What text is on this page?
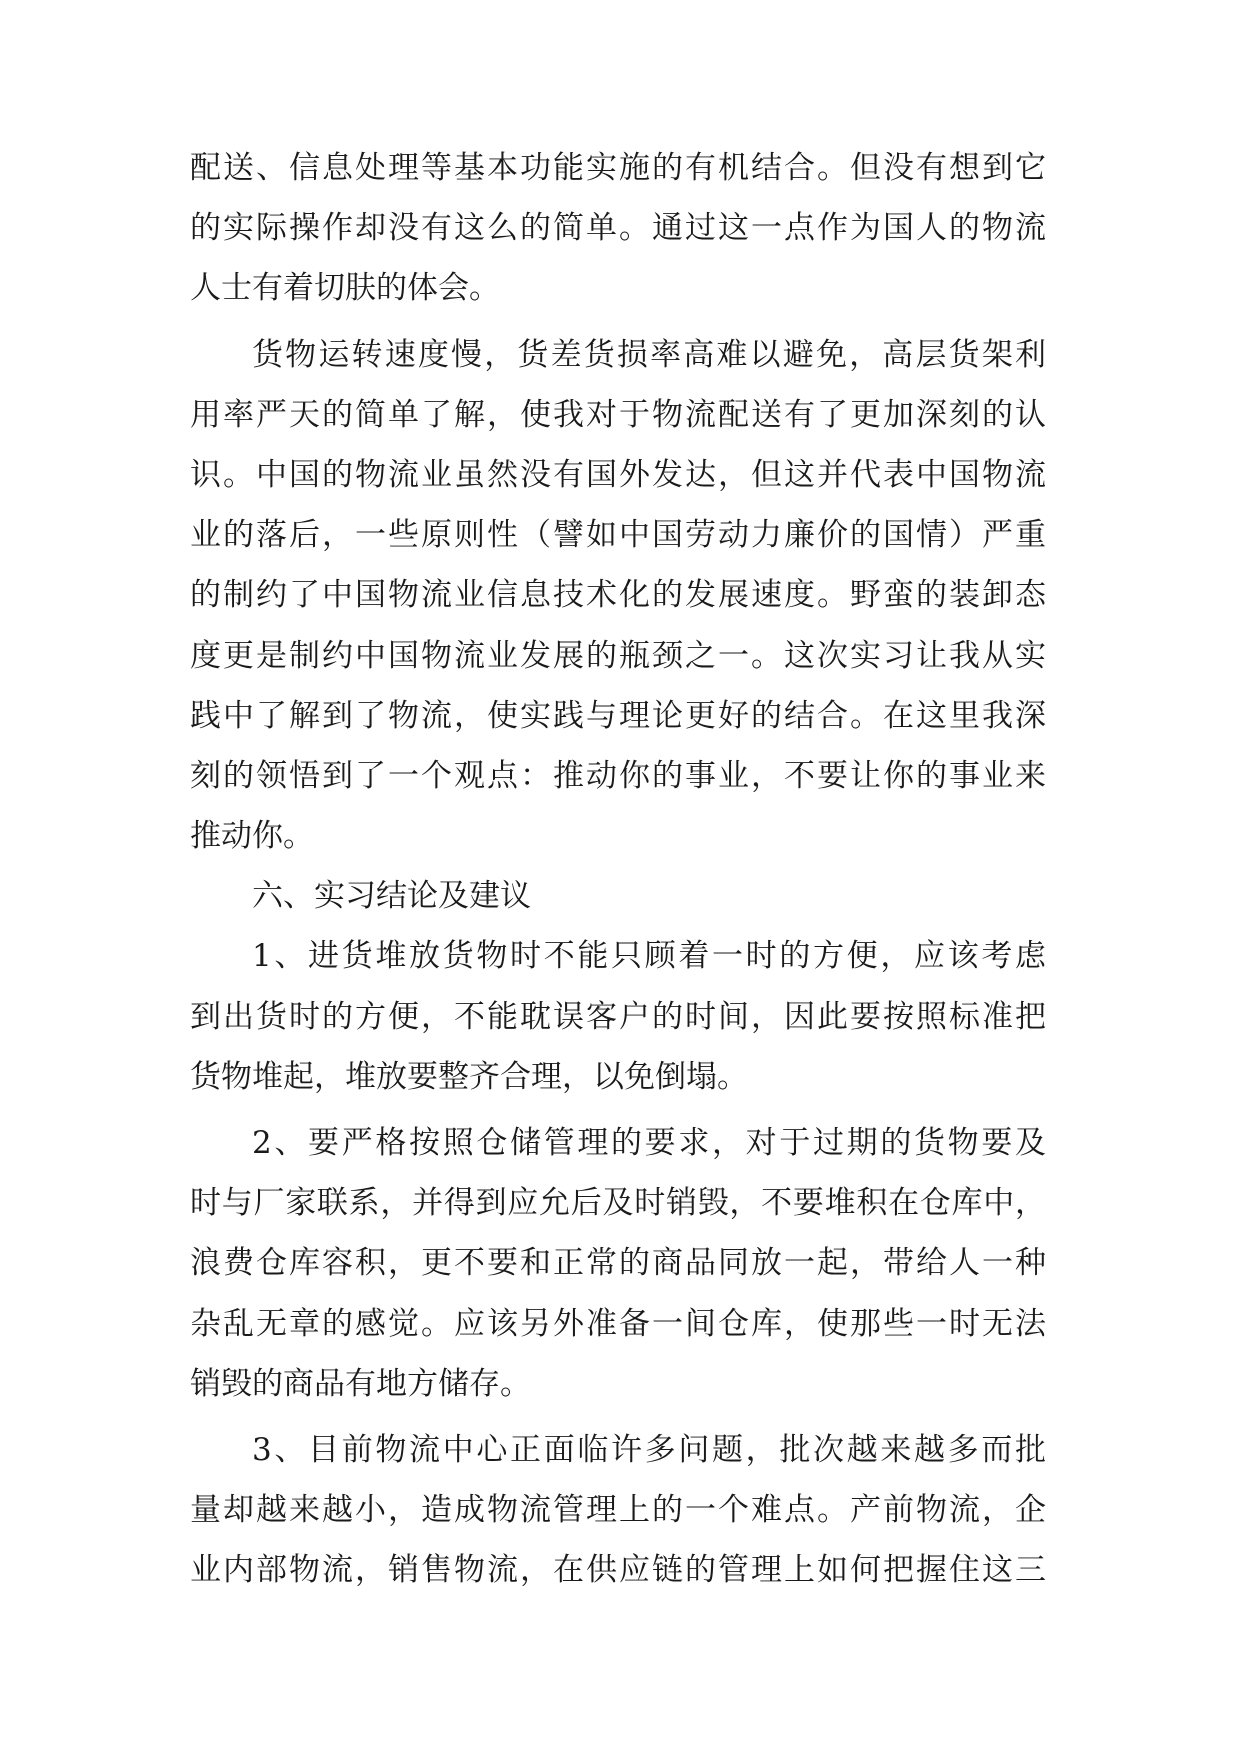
配送、信息处理等基本功能实施的有机结合。但没有想到它
的实际操作却没有这么的简单。通过这一点作为国人的物流
人士有着切肤的体会。
货物运转速度慢，货差货损率高难以避免，高层货架利
用率严天的简单了解，使我对于物流配送有了更加深刻的认
识。中国的物流业虽然没有国外发达，但这并代表中国物流
业的落后，一些原则性（譬如中国劳动力廉价的国情）严重
的制约了中国物流业信息技术化的发展速度。野蛮的装卸态
度更是制约中国物流业发展的瓶颈之一。这次实习让我从实
践中了解到了物流，使实践与理论更好的结合。在这里我深
刻的领悟到了一个观点：推动你的事业，不要让你的事业来
推动你。
六、实习结论及建议
1、进货堆放货物时不能只顾着一时的方便，应该考虑
到出货时的方便，不能耽误客户的时间，因此要按照标准把
货物堆起，堆放要整齐合理，以免倒塌。
2、要严格按照仓储管理的要求，对于过期的货物要及
时与厂家联系，并得到应允后及时销毁，不要堆积在仓库中，
浪费仓库容积，更不要和正常的商品同放一起，带给人一种
杂乱无章的感觉。应该另外准备一间仓库，使那些一时无法
销毁的商品有地方储存。
3、目前物流中心正面临许多问题，批次越来越多而批
量却越来越小，造成物流管理上的一个难点。产前物流，企
业内部物流，销售物流，在供应链的管理上如何把握住这三
